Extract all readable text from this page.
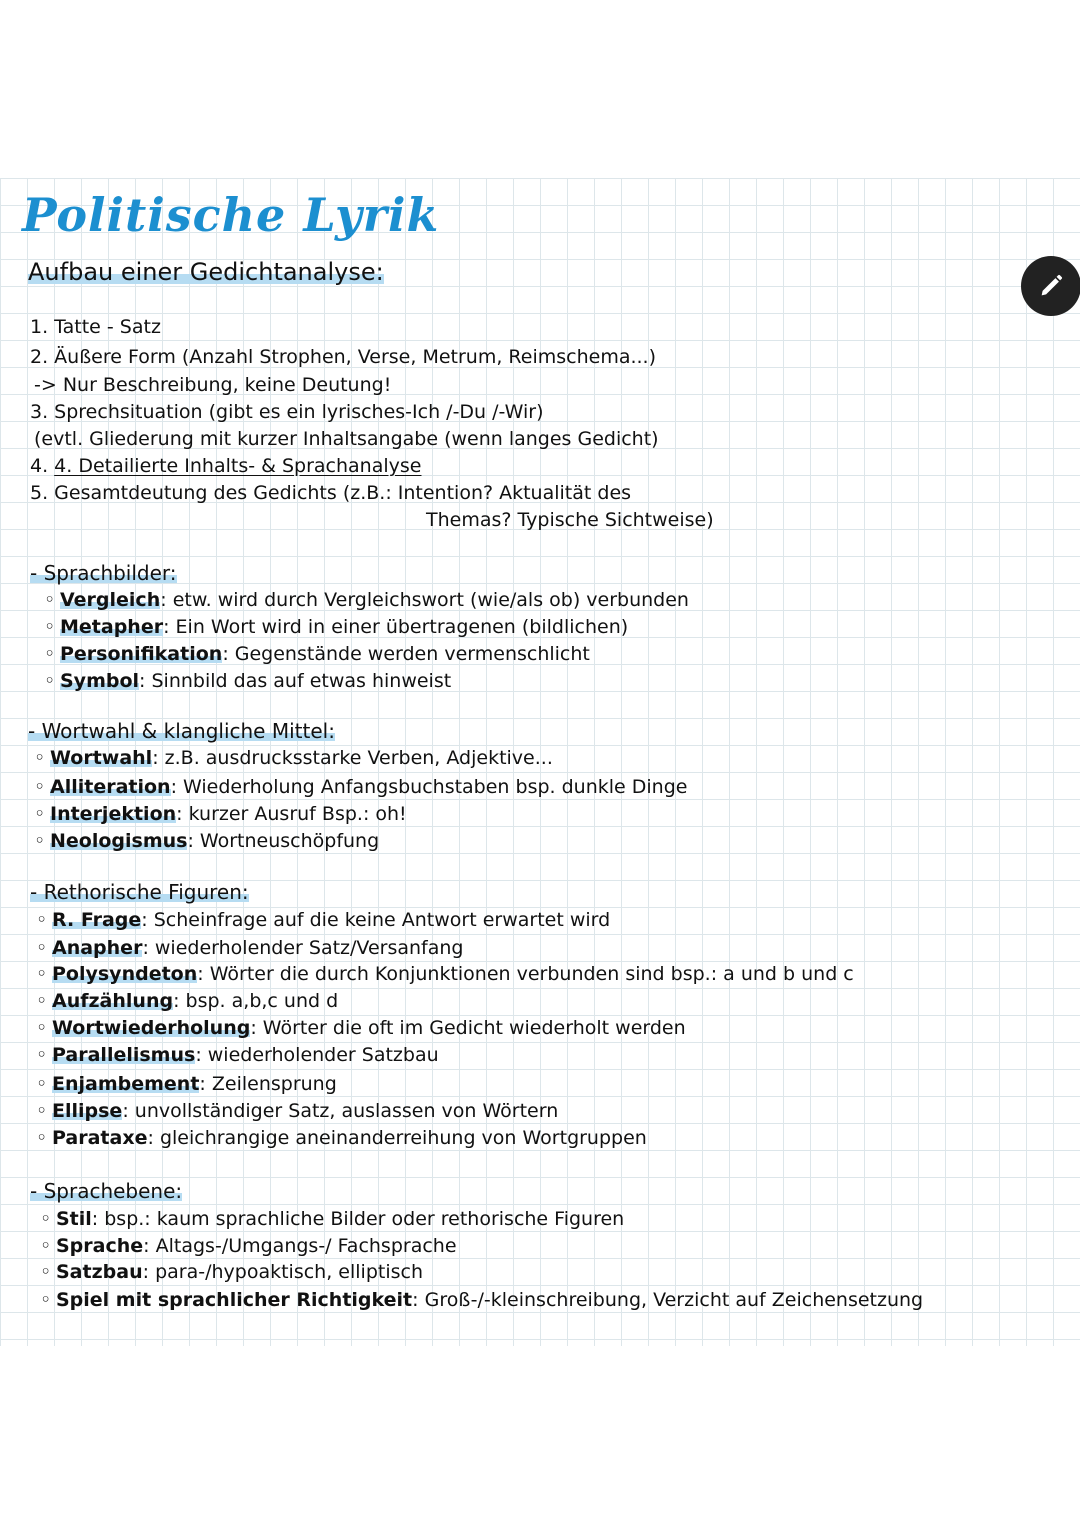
Politische Lyrik
Aufbau einer Gedichtanalyse:
1. Tatte - Satz
2. Äußere Form (Anzahl Strophen, Verse, Metrum, Reimschema...)
-> Nur Beschreibung, keine Deutung!
3. Sprechsituation (gibt es ein lyrisches-Ich /-Du /-Wir)
(evtl. Gliederung mit kurzer Inhaltsangabe (wenn langes Gedicht)
4. 4. Detailierte Inhalts- & Sprachanalyse
5. Gesamtdeutung des Gedichts (z.B.: Intention? Aktualität des
Themas? Typische Sichtweise)
- Sprachbilder:
◦ Vergleich: etw. wird durch Vergleichswort (wie/als ob) verbunden
◦ Metapher: Ein Wort wird in einer übertragenen (bildlichen)
◦ Personifikation: Gegenstände werden vermenschlicht
◦ Symbol: Sinnbild das auf etwas hinweist
- Wortwahl & klangliche Mittel:
◦ Wortwahl: z.B. ausdrucksstarke Verben, Adjektive...
◦ Alliteration: Wiederholung Anfangsbuchstaben bsp. dunkle Dinge
◦ Interjektion: kurzer Ausruf Bsp.: oh!
◦ Neologismus: Wortneuschöpfung
- Rethorische Figuren:
◦ R. Frage: Scheinfrage auf die keine Antwort erwartet wird
◦ Anapher: wiederholender Satz/Versanfang
◦ Polysyndeton: Wörter die durch Konjunktionen verbunden sind bsp.: a und b und c
◦ Aufzählung: bsp. a,b,c und d
◦ Wortwiederholung: Wörter die oft im Gedicht wiederholt werden
◦ Parallelismus: wiederholender Satzbau
◦ Enjambement: Zeilensprung
◦ Ellipse: unvollständiger Satz, auslassen von Wörtern
◦ Parataxe: gleichrangige aneinanderreihung von Wortgruppen
- Sprachebene:
◦ Stil: bsp.: kaum sprachliche Bilder oder rethorische Figuren
◦ Sprache: Altags-/Umgangs-/ Fachsprache
◦ Satzbau: para-/hypoaktisch, elliptisch
◦ Spiel mit sprachlicher Richtigkeit: Groß-/-kleinschreibung, Verzicht auf Zeichensetzung
